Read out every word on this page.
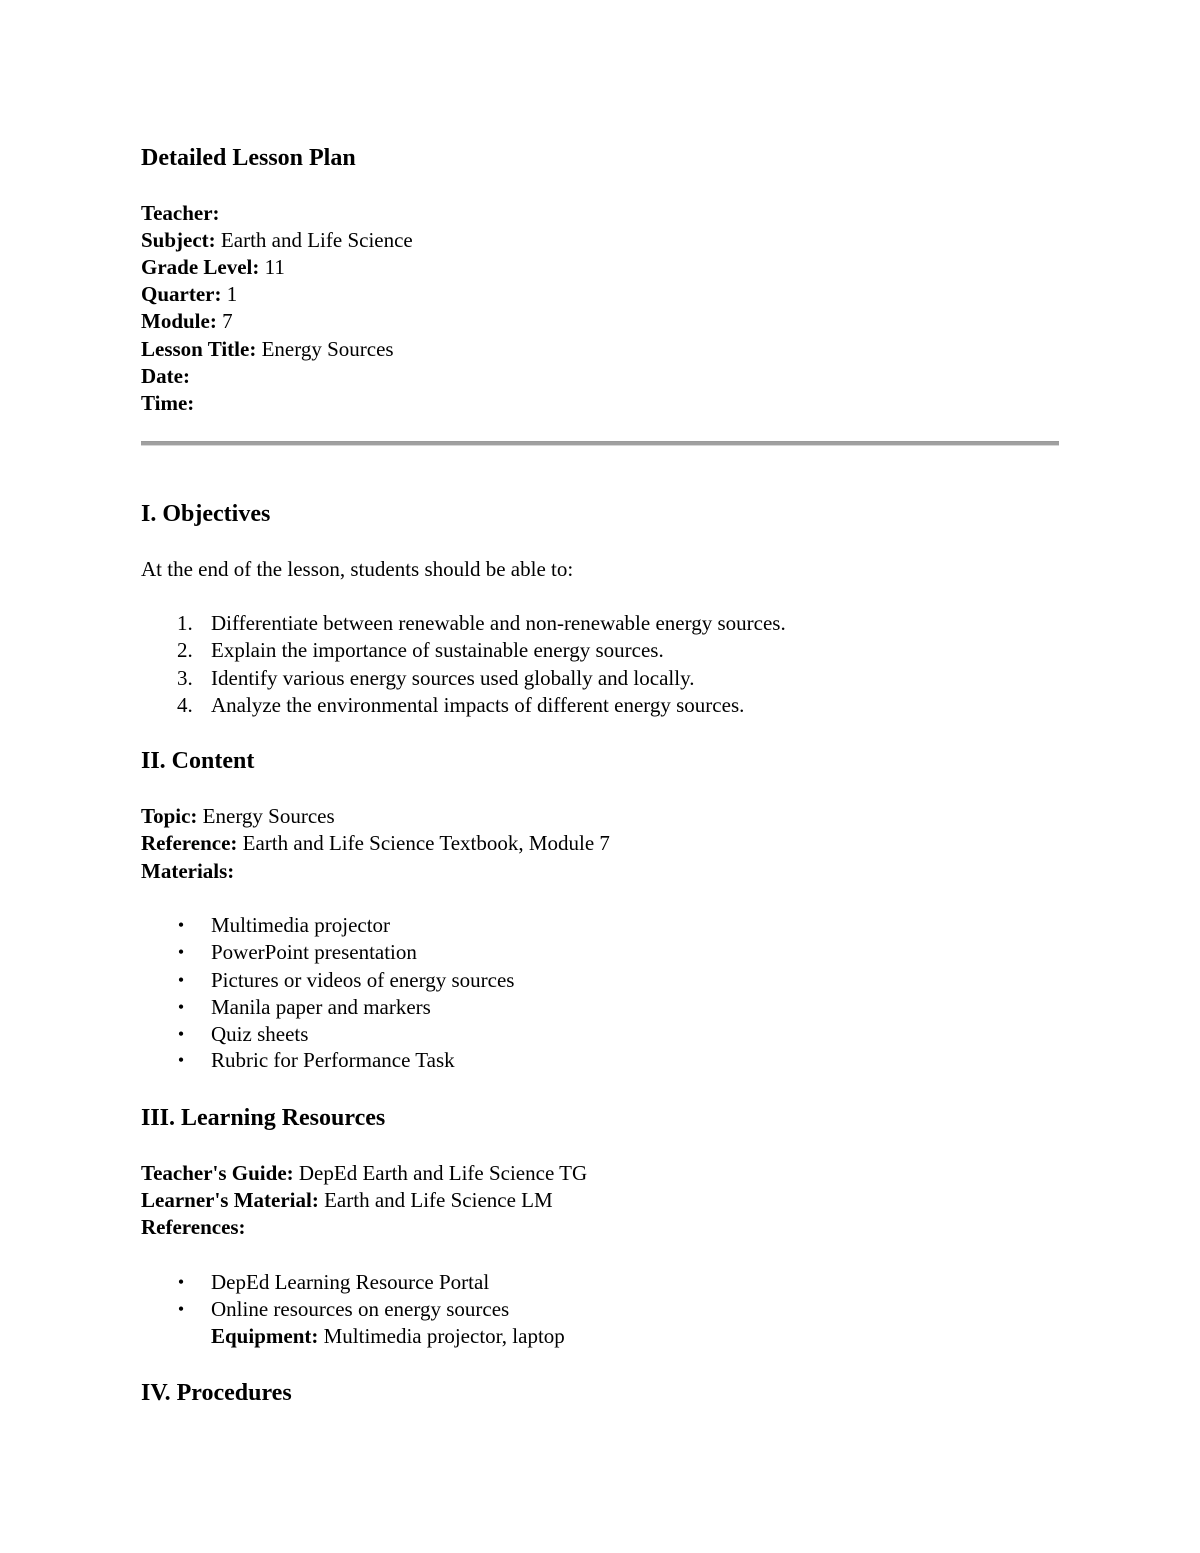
Detailed Lesson Plan
Teacher:
Subject: Earth and Life Science
Grade Level: 11
Quarter: 1
Module: 7
Lesson Title: Energy Sources
Date:
Time:
I. Objectives
At the end of the lesson, students should be able to:
1. Differentiate between renewable and non-renewable energy sources.
2. Explain the importance of sustainable energy sources.
3. Identify various energy sources used globally and locally.
4. Analyze the environmental impacts of different energy sources.
II. Content
Topic: Energy Sources
Reference: Earth and Life Science Textbook, Module 7
Materials:
• Multimedia projector
• PowerPoint presentation
• Pictures or videos of energy sources
• Manila paper and markers
• Quiz sheets
• Rubric for Performance Task
III. Learning Resources
Teacher's Guide: DepEd Earth and Life Science TG
Learner's Material: Earth and Life Science LM
References:
• DepEd Learning Resource Portal
• Online resources on energy sources
Equipment: Multimedia projector, laptop
IV. Procedures
